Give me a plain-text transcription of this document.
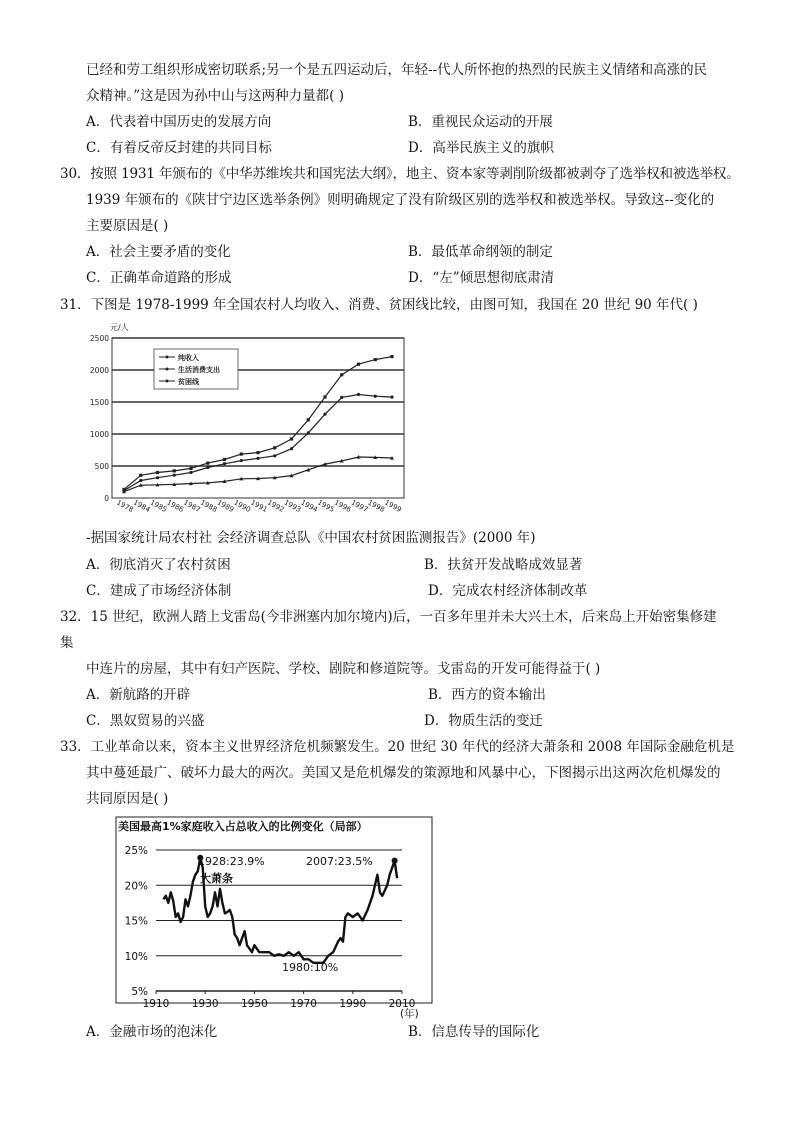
已经和劳工组织形成密切联系;另一个是五四运动后，年轻--代人所怀抱的热烈的民族主义情绪和高涨的民
众精神。”这是因为孙中山与这两种力量都( )
A．代表着中国历史的发展方向	B．重视民众运动的开展
C．有着反帝反封建的共同目标	D．高举民族主义的旗帜
30．按照 1931 年颁布的《中华苏维埃共和国宪法大纲》，地主、资本家等剥削阶级都被剥夺了选举权和被选举权。
1939 年颁布的《陕甘宁边区选举条例》则明确规定了没有阶级区别的选举权和被选举权。导致这--变化的
主要原因是( )
A．社会主要矛盾的变化	B．最低革命纲领的制定
C．正确革命道路的形成	D．“左”倾思想彻底肃清
31．下图是 1978-1999 年全国农村人均收入、消费、贫困线比较，由图可知，我国在 20 世纪 90 年代( )
2500
2000
1500
1000
500
0
1978
1984
1985
1986
1987
1988
1989
1990
1991
1992
1993
1994
1995
1996
1997
1998
1999
元/人
纯收入
生活消费支出
贫困线
-据国家统计局农村社 会经济调查总队《中国农村贫困监测报告》(2000 年)
A．彻底消灭了农村贫困	B．扶贫开发战略成效显著
C．建成了市场经济体制	D．完成农村经济体制改革
32．15 世纪，欧洲人踏上戈雷岛(今非洲塞内加尔境内)后，一百多年里并未大兴土木，后来岛上开始密集修建
集
中连片的房屋，其中有妇产医院、学校、剧院和修道院等。戈雷岛的开发可能得益于( )
A．新航路的开辟	B．西方的资本输出
C．黑奴贸易的兴盛	D．物质生活的变迁
33．工业革命以来，资本主义世界经济危机频繁发生。20 世纪 30 年代的经济大萧条和 2008 年国际金融危机是
其中蔓延最广、破坏力最大的两次。美国又是危机爆发的策源地和风暴中心，下图揭示出这两次危机爆发的
共同原因是( )
美国最高1%家庭收入占总收入的比例变化（局部）
25%
20%
15%
10%
5%
1910 1930 1950 1970 1990 2010
1928:23.9%
大萧条
2007:23.5%
1980:10%
(年)
A．金融市场的泡沫化	B．信息传导的国际化
